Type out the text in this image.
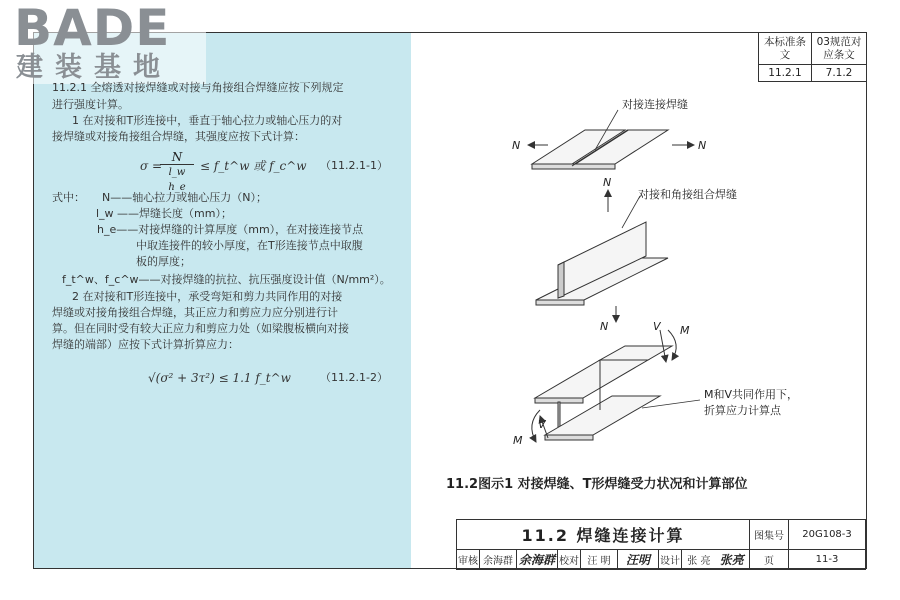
BADE
建装基地
本标准条文	03规范对应条文
11.2.1	7.1.2
11.2.1 全熔透对接焊缝或对接与角接组合焊缝应按下列规定
进行强度计算。
1 在对接和T形连接中，垂直于轴心拉力或轴心压力的对
接焊缝或对接角接组合焊缝，其强度应按下式计算：
σ =
N
l_w h_e
≤ f_t^w 或 f_c^w （11.2.1-1）
式中： N——轴心拉力或轴心压力（N）；
l_w ——焊缝长度（mm）；
h_e——对接焊缝的计算厚度（mm），在对接连接节点
中取连接件的较小厚度，在T形连接节点中取腹
板的厚度；
f_t^w、f_c^w——对接焊缝的抗拉、抗压强度设计值（N/mm²）。
2 在对接和T形连接中，承受弯矩和剪力共同作用的对接
焊缝或对接角接组合焊缝，其正应力和剪应力应分别进行计
算。但在同时受有较大正应力和剪应力处（如梁腹板横向对接
焊缝的端部）应按下式计算折算应力：
√(σ² + 3τ²) ≤ 1.1 f_t^w	（11.2.1-2）
对接连接焊缝
N	N
N
对接和角接组合焊缝
N	V M
V
M
M和V共同作用下，
折算应力计算点
11.2图示1 对接焊缝、T形焊缝受力状况和计算部位
11.2 焊缝连接计算								图集号	20G108-3
审核	余海群	余海群	校对	汪 明	汪明	设计	张 亮 张亮	页	11-3
